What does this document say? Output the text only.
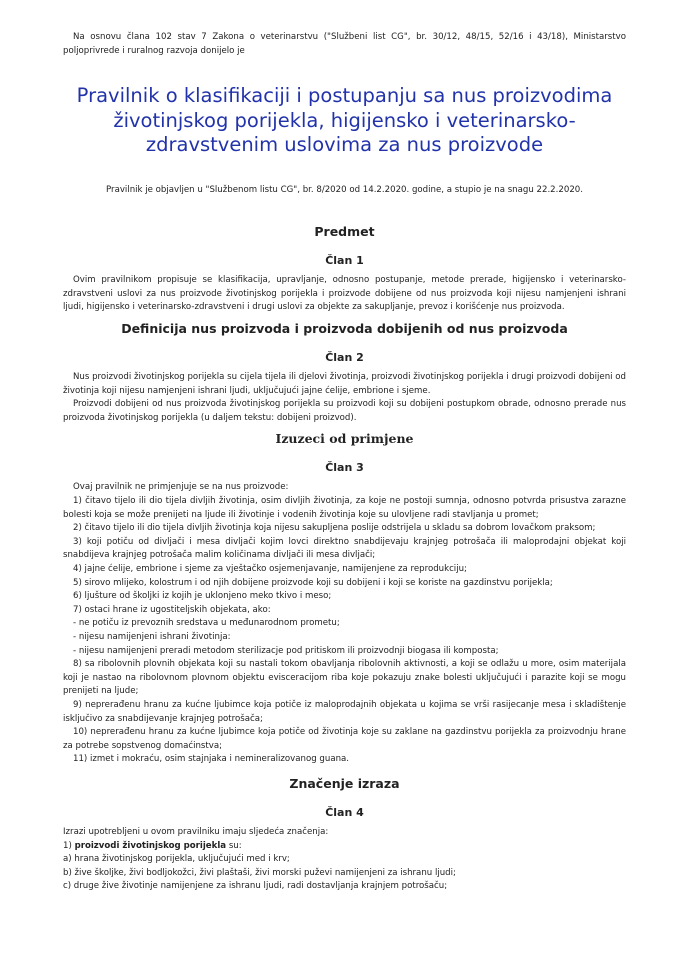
Na osnovu člana 102 stav 7 Zakona o veterinarstvu ("Službeni list CG", br. 30/12, 48/15, 52/16 i 43/18), Ministarstvo poljoprivrede i ruralnog razvoja donijelo je

Pravilnik o klasifikaciji i postupanju sa nus proizvodima životinjskog porijekla, higijensko i veterinarsko-zdravstvenim uslovima za nus proizvode

Pravilnik je objavljen u "Službenom listu CG", br. 8/2020 od 14.2.2020. godine, a stupio je na snagu 22.2.2020.

Predmet
Član 1

Ovim pravilnikom propisuje se klasifikacija, upravljanje, odnosno postupanje, metode prerade, higijensko i veterinarsko-zdravstveni uslovi za nus proizvode životinjskog porijekla i proizvode dobijene od nus proizvoda koji nijesu namjenjeni ishrani ljudi, higijensko i veterinarsko-zdravstveni i drugi uslovi za objekte za sakupljanje, prevoz i korišćenje nus proizvoda.

Definicija nus proizvoda i proizvoda dobijenih od nus proizvoda
Član 2

Nus proizvodi životinjskog porijekla su cijela tijela ili djelovi životinja, proizvodi životinjskog porijekla i drugi proizvodi dobijeni od životinja koji nijesu namjenjeni ishrani ljudi, uključujući jajne ćelije, embrione i sjeme.

Proizvodi dobijeni od nus proizvoda životinjskog porijekla su proizvodi koji su dobijeni postupkom obrade, odnosno prerade nus proizvoda životinjskog porijekla (u daljem tekstu: dobijeni proizvod).

Izuzeci od primjene
Član 3

Ovaj pravilnik ne primjenjuje se na nus proizvode:

1) čitavo tijelo ili dio tijela divljih životinja, osim divljih životinja, za koje ne postoji sumnja, odnosno potvrda prisustva zarazne bolesti koja se može prenijeti na ljude ili životinje i vodenih životinja koje su ulovljene radi stavljanja u promet;

2) čitavo tijelo ili dio tijela divljih životinja koja nijesu sakupljena poslije odstrijela u skladu sa dobrom lovačkom praksom;

3) koji potiču od divljači i mesa divljači kojim lovci direktno snabdijevaju krajnjeg potrošača ili maloprodajni objekat koji snabdijeva krajnjeg potrošača malim količinama divljači ili mesa divljači;

4) jajne ćelije, embrione i sjeme za vještačko osjemenjavanje, namijenjene za reprodukciju;

5) sirovo mlijeko, kolostrum i od njih dobijene proizvode koji su dobijeni i koji se koriste na gazdinstvu porijekla;

6) ljušture od školjki iz kojih je uklonjeno meko tkivo i meso;

7) ostaci hrane iz ugostiteljskih objekata, ako:

- ne potiču iz prevoznih sredstava u međunarodnom prometu;

- nijesu namijenjeni ishrani životinja:

- nijesu namijenjeni preradi metodom sterilizacje pod pritiskom ili proizvodnji biogasa ili komposta;

8) sa ribolovnih plovnih objekata koji su nastali tokom obavljanja ribolovnih aktivnosti, a koji se odlažu u more, osim materijala koji je nastao na ribolovnom plovnom objektu evisceracijom riba koje pokazuju znake bolesti uključujući i parazite koji se mogu prenijeti na ljude;

9) neprerađenu hranu za kućne ljubimce koja potiče iz maloprodajnih objekata u kojima se vrši rasijecanje mesa i skladištenje isključivo za snabdijevanje krajnjeg potrošača;

10) neprerađenu hranu za kućne ljubimce koja potiče od životinja koje su zaklane na gazdinstvu porijekla za proizvodnju hrane za potrebe sopstvenog domaćinstva;

11) izmet i mokraću, osim stajnjaka i nemineralizovanog guana.

Značenje izraza
Član 4

Izrazi upotrebljeni u ovom pravilniku imaju sljedeća značenja:

1) proizvodi životinjskog porijekla su:

a) hrana životinjskog porijekla, uključujući med i krv;

b) žive školjke, živi bodljokožci, živi plaštaši, živi morski puževi namijenjeni za ishranu ljudi;

c) druge žive životinje namijenjene za ishranu ljudi, radi dostavljanja krajnjem potrošaču;
